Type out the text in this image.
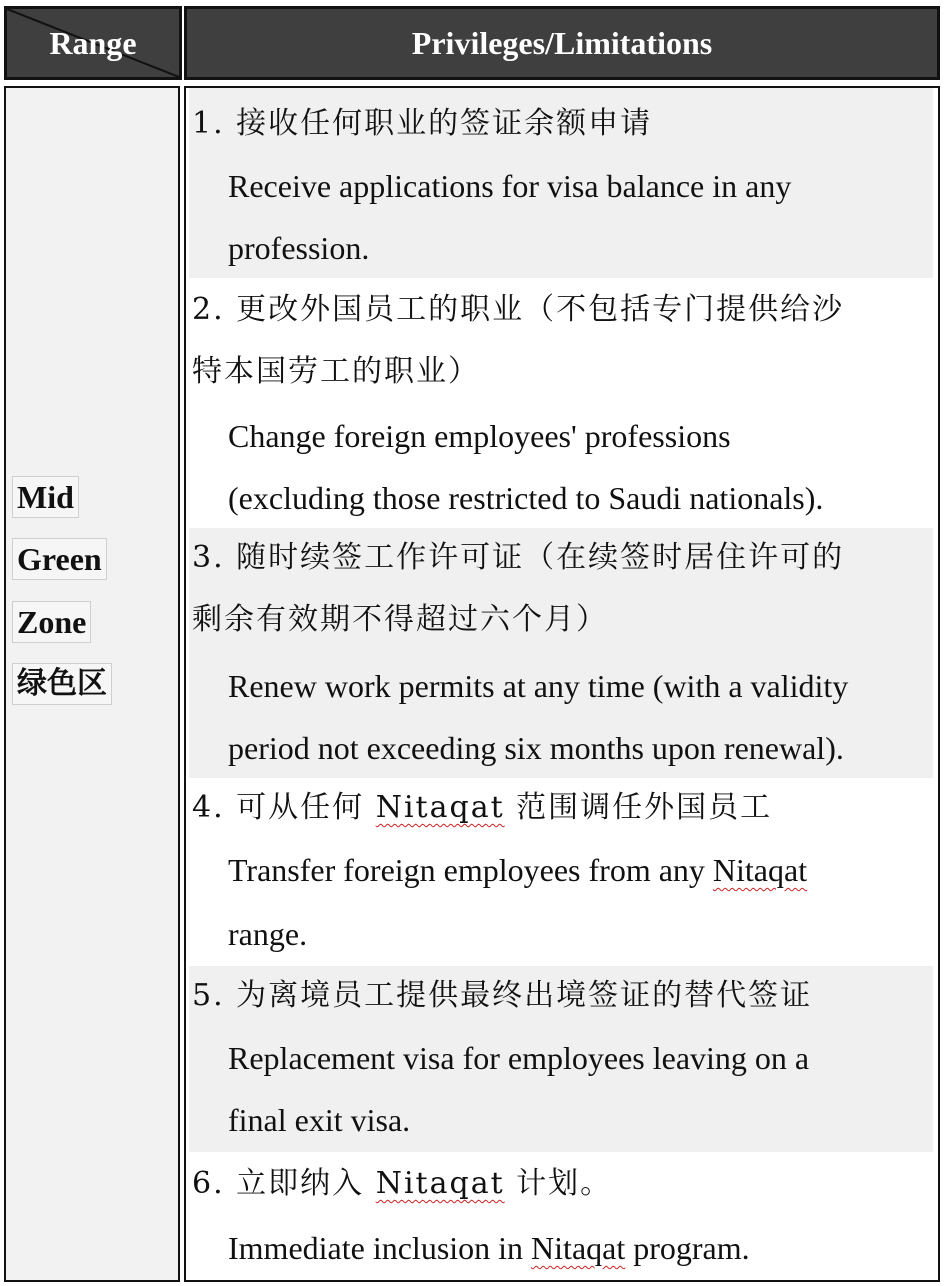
Range	Privileges/Limitations
Mid
Green
Zone
绿色区
1. 接收任何职业的签证余额申请
Receive applications for visa balance in any
profession.
2. 更改外国员工的职业（不包括专门提供给沙
特本国劳工的职业）
Change foreign employees' professions
(excluding those restricted to Saudi nationals).
3. 随时续签工作许可证（在续签时居住许可的
剩余有效期不得超过六个月）
Renew work permits at any time (with a validity
period not exceeding six months upon renewal).
4. 可从任何 Nitaqat 范围调任外国员工
Transfer foreign employees from any Nitaqat
range.
5. 为离境员工提供最终出境签证的替代签证
Replacement visa for employees leaving on a
final exit visa.
6. 立即纳入 Nitaqat 计划。
Immediate inclusion in Nitaqat program.
